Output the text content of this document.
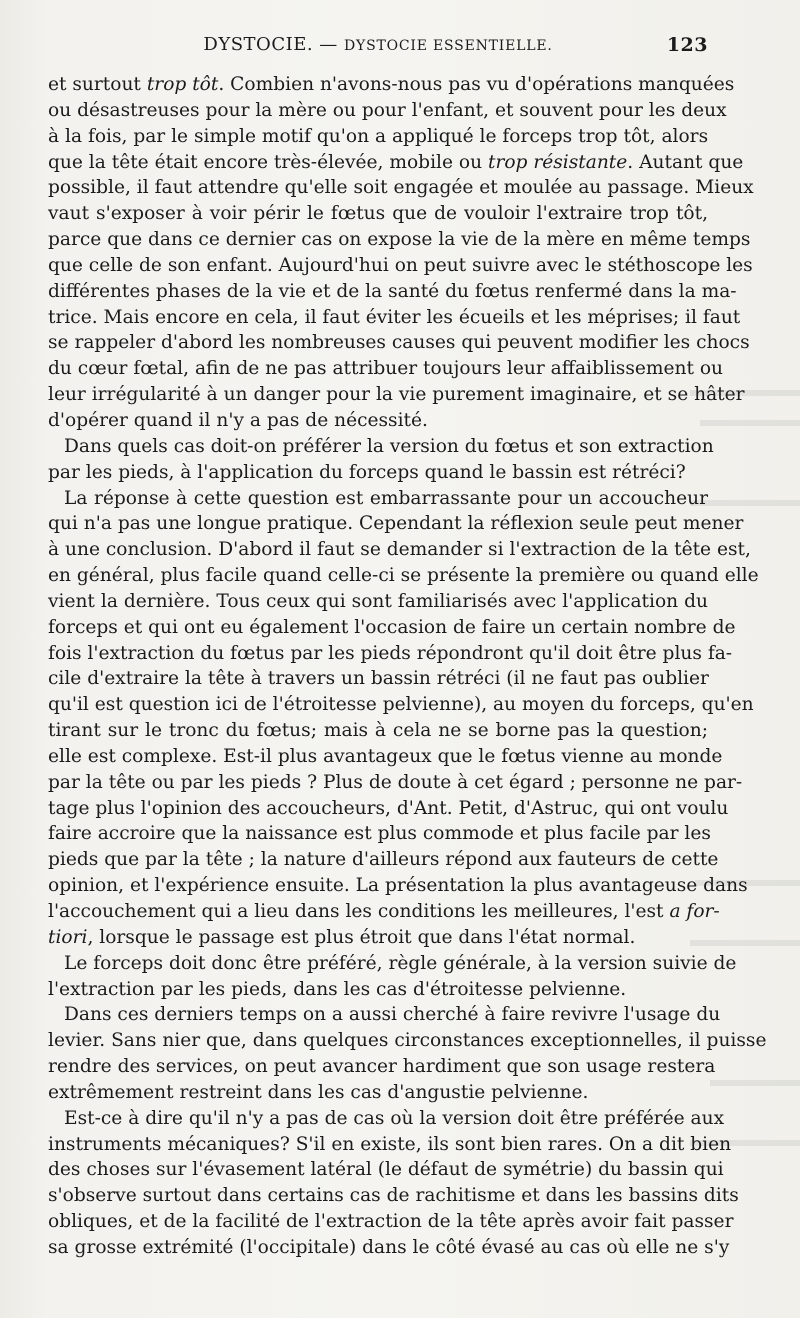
DYSTOCIE. — DYSTOCIE ESSENTIELLE.	123
et surtout trop tôt. Combien n'avons-nous pas vu d'opérations manquées
ou désastreuses pour la mère ou pour l'enfant, et souvent pour les deux
à la fois, par le simple motif qu'on a appliqué le forceps trop tôt, alors
que la tête était encore très-élevée, mobile ou trop résistante. Autant que
possible, il faut attendre qu'elle soit engagée et moulée au passage. Mieux
vaut s'exposer à voir périr le fœtus que de vouloir l'extraire trop tôt,
parce que dans ce dernier cas on expose la vie de la mère en même temps
que celle de son enfant. Aujourd'hui on peut suivre avec le stéthoscope les
différentes phases de la vie et de la santé du fœtus renfermé dans la ma-
trice. Mais encore en cela, il faut éviter les écueils et les méprises; il faut
se rappeler d'abord les nombreuses causes qui peuvent modifier les chocs
du cœur fœtal, afin de ne pas attribuer toujours leur affaiblissement ou
leur irrégularité à un danger pour la vie purement imaginaire, et se hâter
d'opérer quand il n'y a pas de nécessité.
Dans quels cas doit-on préférer la version du fœtus et son extraction
par les pieds, à l'application du forceps quand le bassin est rétréci?
La réponse à cette question est embarrassante pour un accoucheur
qui n'a pas une longue pratique. Cependant la réflexion seule peut mener
à une conclusion. D'abord il faut se demander si l'extraction de la tête est,
en général, plus facile quand celle-ci se présente la première ou quand elle
vient la dernière. Tous ceux qui sont familiarisés avec l'application du
forceps et qui ont eu également l'occasion de faire un certain nombre de
fois l'extraction du fœtus par les pieds répondront qu'il doit être plus fa-
cile d'extraire la tête à travers un bassin rétréci (il ne faut pas oublier
qu'il est question ici de l'étroitesse pelvienne), au moyen du forceps, qu'en
tirant sur le tronc du fœtus; mais à cela ne se borne pas la question;
elle est complexe. Est-il plus avantageux que le fœtus vienne au monde
par la tête ou par les pieds ? Plus de doute à cet égard ; personne ne par-
tage plus l'opinion des accoucheurs, d'Ant. Petit, d'Astruc, qui ont voulu
faire accroire que la naissance est plus commode et plus facile par les
pieds que par la tête ; la nature d'ailleurs répond aux fauteurs de cette
opinion, et l'expérience ensuite. La présentation la plus avantageuse dans
l'accouchement qui a lieu dans les conditions les meilleures, l'est a for-
tiori, lorsque le passage est plus étroit que dans l'état normal.
Le forceps doit donc être préféré, règle générale, à la version suivie de
l'extraction par les pieds, dans les cas d'étroitesse pelvienne.
Dans ces derniers temps on a aussi cherché à faire revivre l'usage du
levier. Sans nier que, dans quelques circonstances exceptionnelles, il puisse
rendre des services, on peut avancer hardiment que son usage restera
extrêmement restreint dans les cas d'angustie pelvienne.
Est-ce à dire qu'il n'y a pas de cas où la version doit être préférée aux
instruments mécaniques? S'il en existe, ils sont bien rares. On a dit bien
des choses sur l'évasement latéral (le défaut de symétrie) du bassin qui
s'observe surtout dans certains cas de rachitisme et dans les bassins dits
obliques, et de la facilité de l'extraction de la tête après avoir fait passer
sa grosse extrémité (l'occipitale) dans le côté évasé au cas où elle ne s'y
